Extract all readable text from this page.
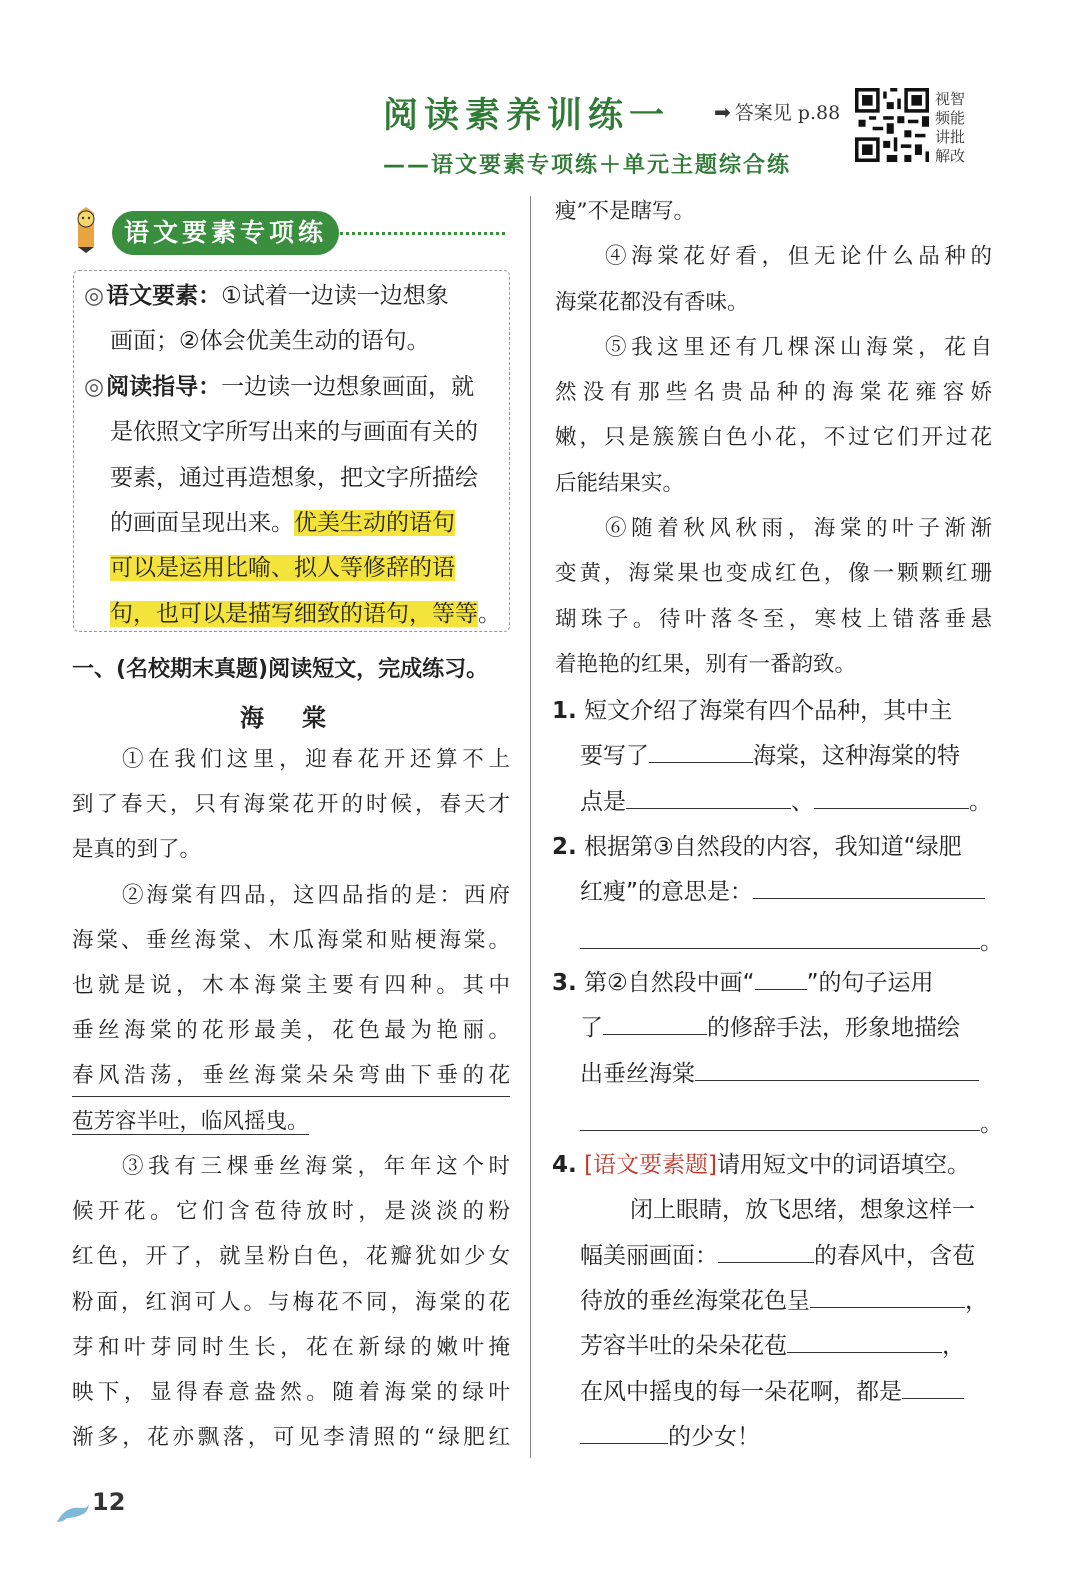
阅读素养训练一
——语文要素专项练＋单元主题综合练
➡ 答案见 p.88
视智频能讲批解改
语文要素专项练
◎语文要素：①试着一边读一边想象
画面；②体会优美生动的语句。
◎阅读指导：一边读一边想象画面，就
是依照文字所写出来的与画面有关的
要素，通过再造想象，把文字所描绘
的画面呈现出来。优美生动的语句
可以是运用比喻、拟人等修辞的语
句，也可以是描写细致的语句，等等。
一、(名校期末真题)阅读短文，完成练习。
海棠
①在我们这里，迎春花开还算不上
到了春天，只有海棠花开的时候，春天才
是真的到了。
②海棠有四品，这四品指的是：西府
海棠、垂丝海棠、木瓜海棠和贴梗海棠。
也就是说，木本海棠主要有四种。其中
垂丝海棠的花形最美，花色最为艳丽。
春风浩荡，垂丝海棠朵朵弯曲下垂的花
苞芳容半吐，临风摇曳。
③我有三棵垂丝海棠，年年这个时
候开花。它们含苞待放时，是淡淡的粉
红色，开了，就呈粉白色，花瓣犹如少女
粉面，红润可人。与梅花不同，海棠的花
芽和叶芽同时生长，花在新绿的嫩叶掩
映下，显得春意盎然。随着海棠的绿叶
渐多，花亦飘落，可见李清照的“绿肥红
瘦”不是瞎写。
④海棠花好看，但无论什么品种的
海棠花都没有香味。
⑤我这里还有几棵深山海棠，花自
然没有那些名贵品种的海棠花雍容娇
嫩，只是簇簇白色小花，不过它们开过花
后能结果实。
⑥随着秋风秋雨，海棠的叶子渐渐
变黄，海棠果也变成红色，像一颗颗红珊
瑚珠子。待叶落冬至，寒枝上错落垂悬
着艳艳的红果，别有一番韵致。
1. 短文介绍了海棠有四个品种，其中主
要写了	海棠，这种海棠的特
点是	、	。
2. 根据第③自然段的内容，我知道“绿肥
红瘦”的意思是：
。
3. 第②自然段中画“ ”的句子运用
了	的修辞手法，形象地描绘
出垂丝海棠
。
4. [语文要素题]请用短文中的词语填空。
闭上眼睛，放飞思绪，想象这样一
幅美丽画面：	的春风中，含苞
待放的垂丝海棠花色呈	，
芳容半吐的朵朵花苞	，
在风中摇曳的每一朵花啊，都是
的少女！
12
